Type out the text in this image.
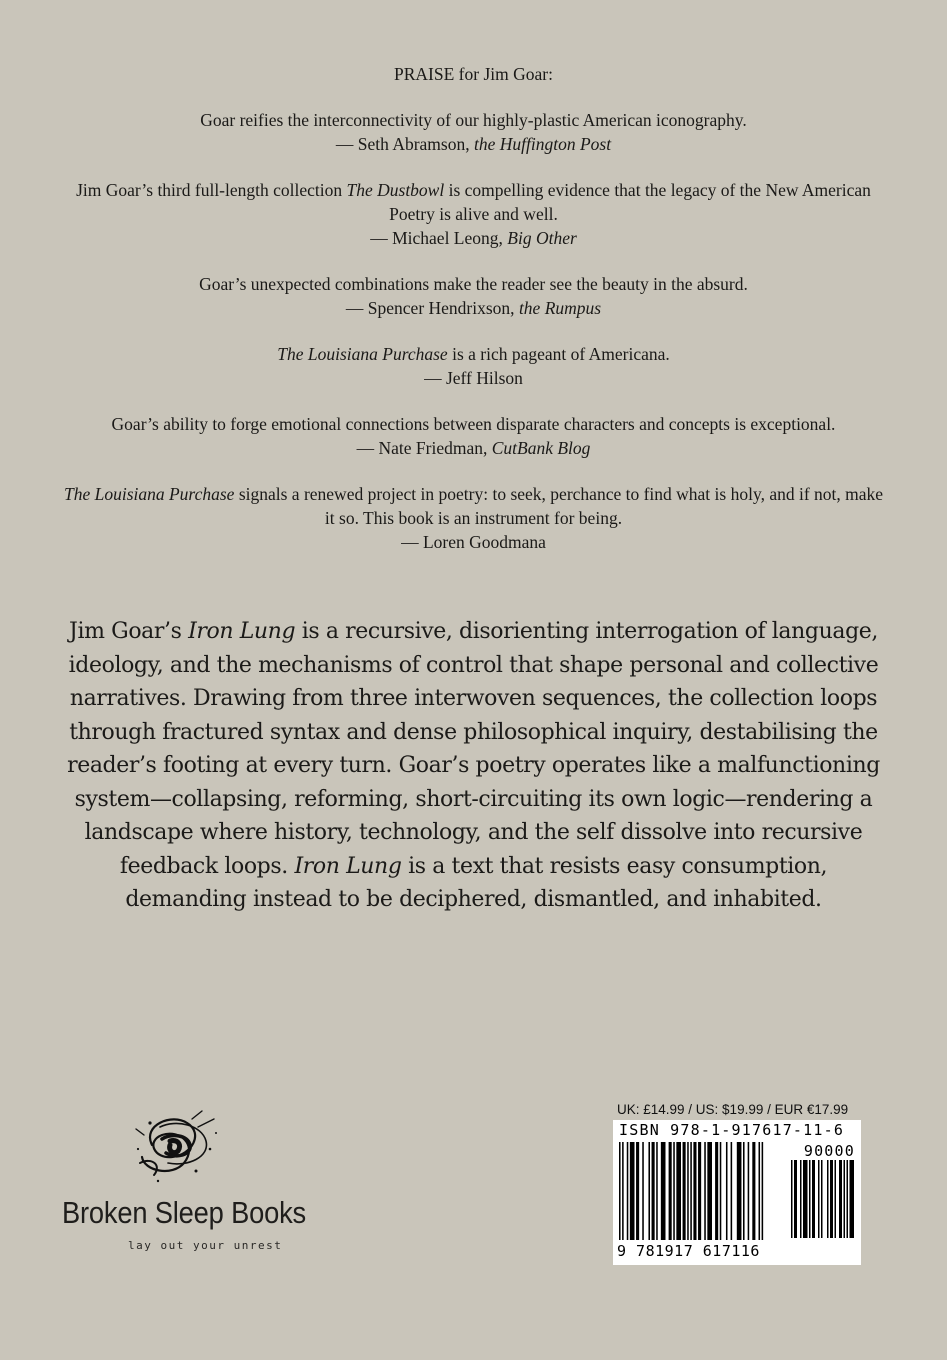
PRAISE for Jim Goar:
Goar reifies the interconnectivity of our highly-plastic American iconography.
— Seth Abramson, the Huffington Post
Jim Goar’s third full-length collection The Dustbowl is compelling evidence that the legacy of the New American Poetry is alive and well.
— Michael Leong, Big Other
Goar’s unexpected combinations make the reader see the beauty in the absurd.
— Spencer Hendrixson, the Rumpus
The Louisiana Purchase is a rich pageant of Americana.
— Jeff Hilson
Goar’s ability to forge emotional connections between disparate characters and concepts is exceptional.
— Nate Friedman, CutBank Blog
The Louisiana Purchase signals a renewed project in poetry: to seek, perchance to find what is holy, and if not, make it so. This book is an instrument for being.
— Loren Goodmana

Jim Goar’s Iron Lung is a recursive, disorienting interrogation of language, ideology, and the mechanisms of control that shape personal and collective narratives. Drawing from three interwoven sequences, the collection loops through fractured syntax and dense philosophical inquiry, destabilising the reader’s footing at every turn. Goar’s poetry operates like a malfunctioning system—collapsing, reforming, short-circuiting its own logic—rendering a landscape where history, technology, and the self dissolve into recursive feedback loops. Iron Lung is a text that resists easy consumption, demanding instead to be deciphered, dismantled, and inhabited.

Broken Sleep Books
lay out your unrest
UK: £14.99 / US: $19.99 / EUR €17.99
ISBN 978-1-917617-11-6
90000
9 781917 617116
